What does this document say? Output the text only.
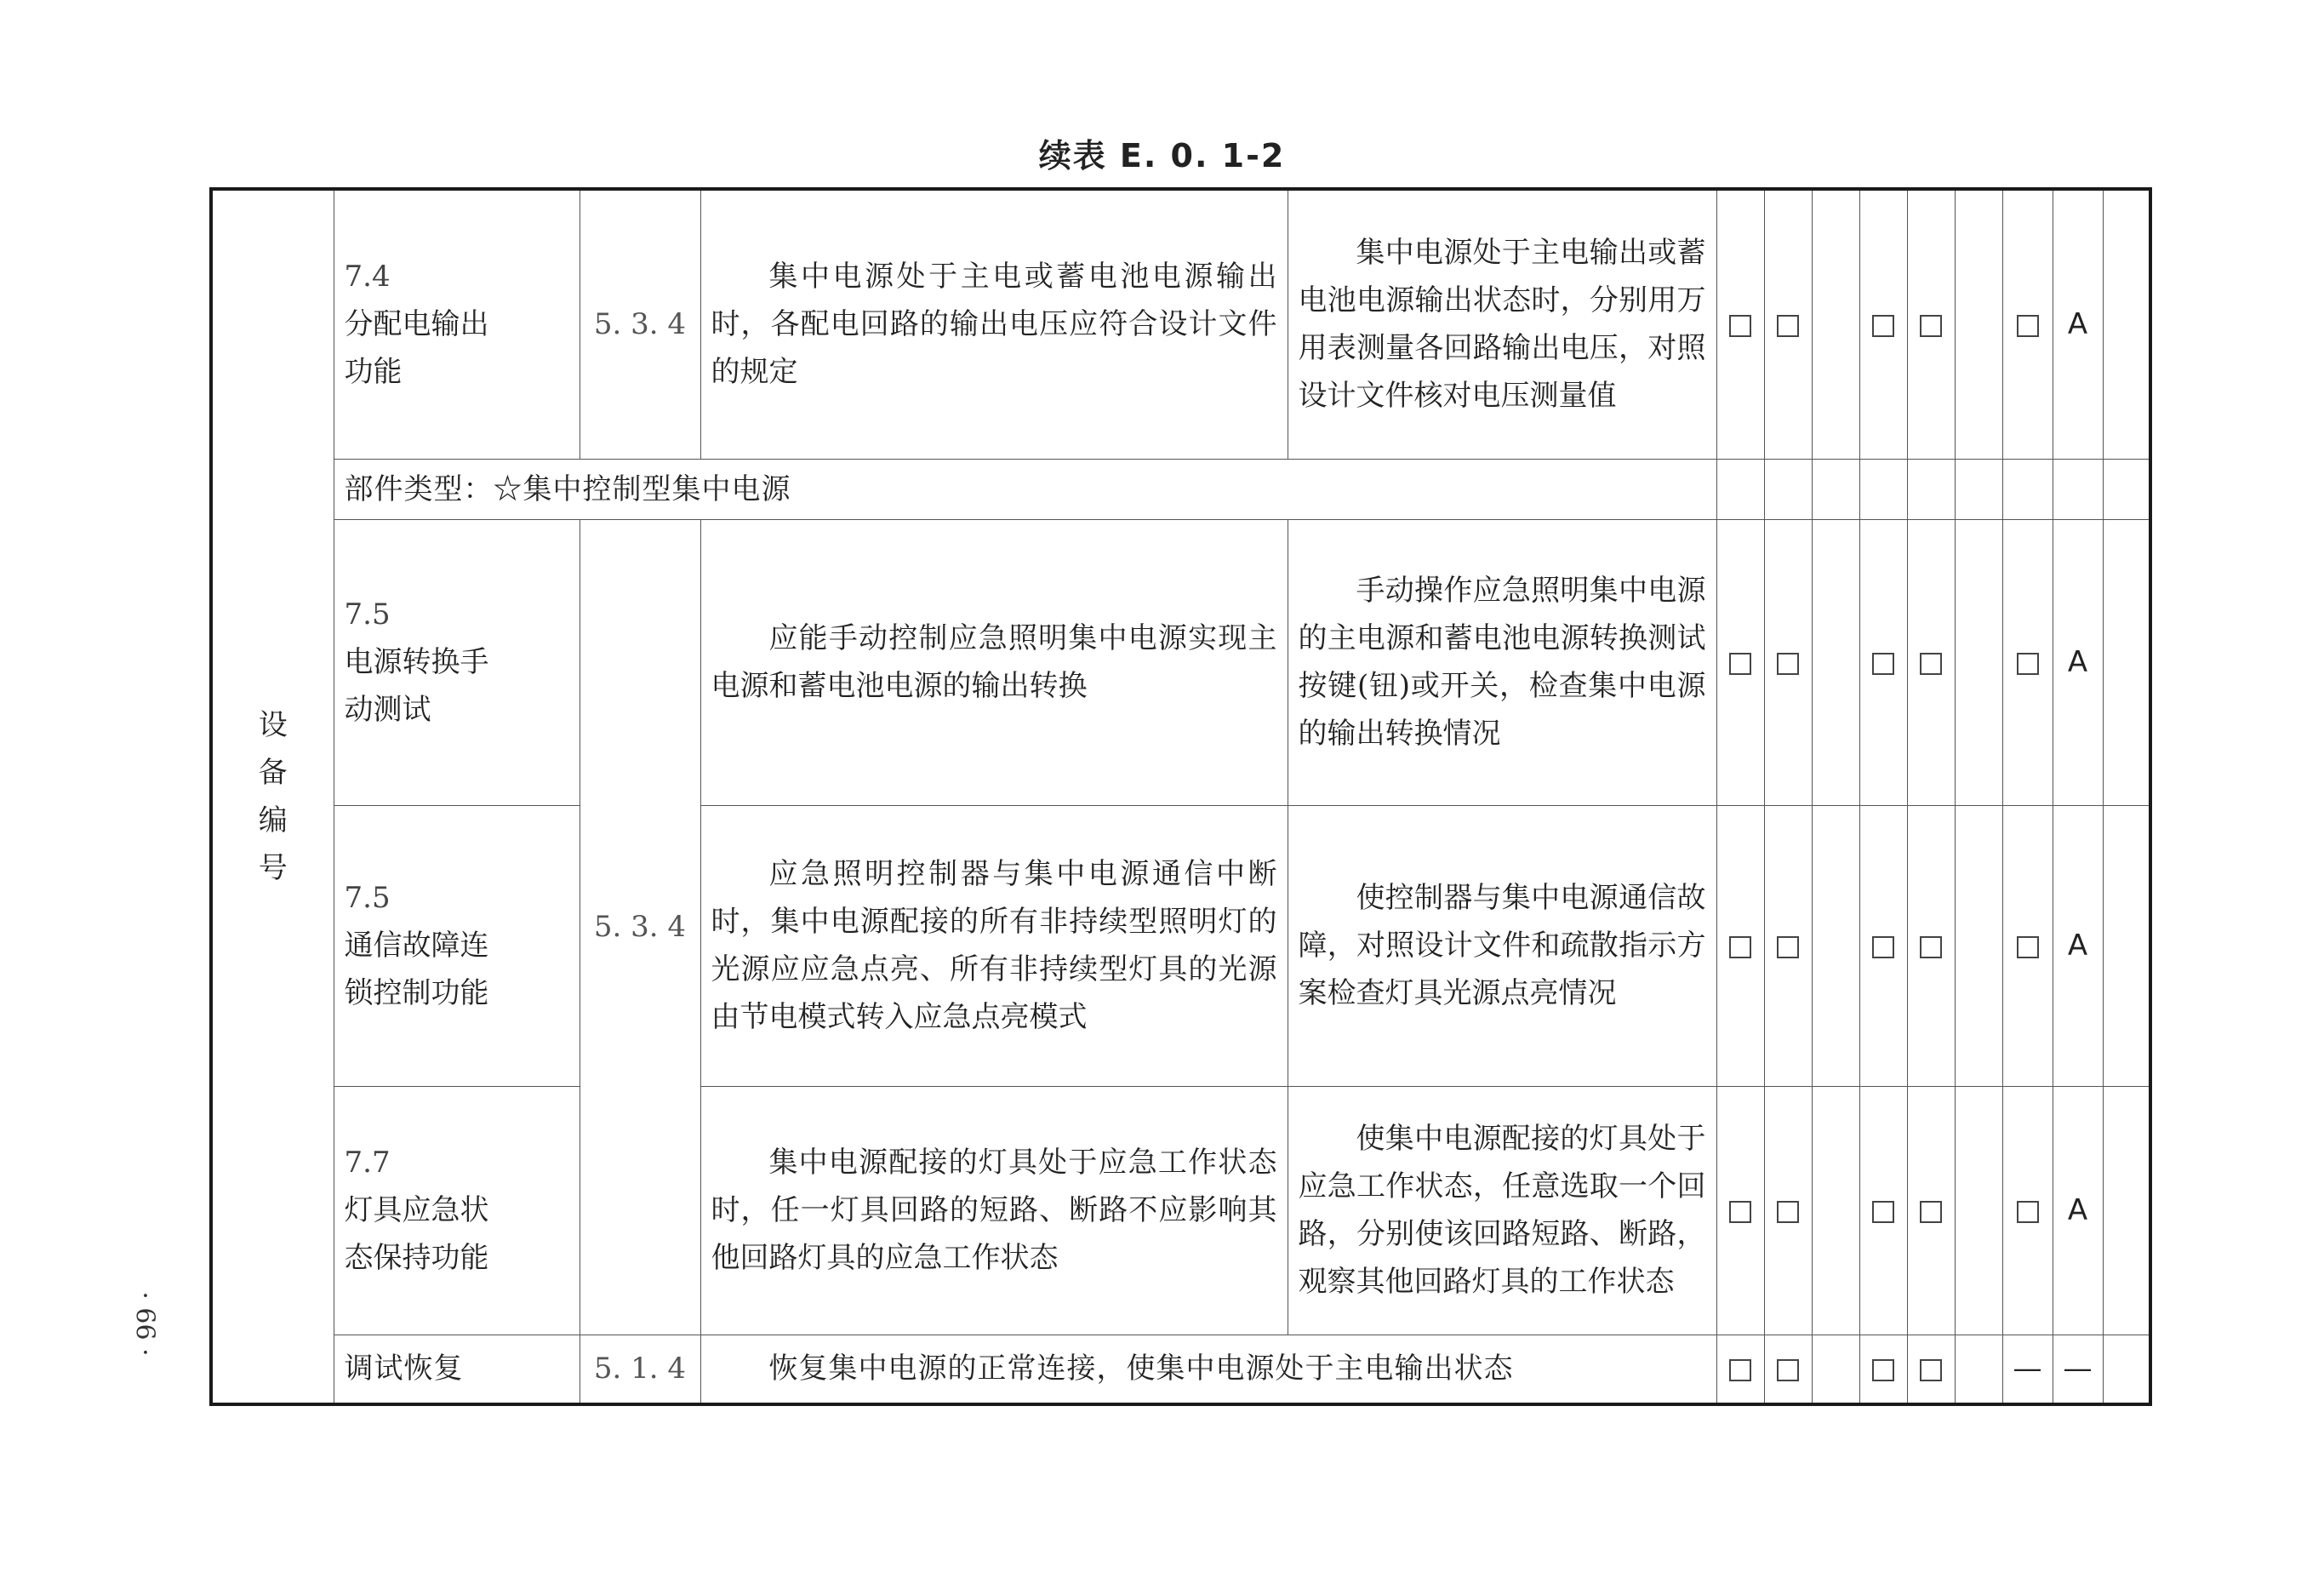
续表 E. 0. 1-2
· 66 ·
设备编号	7.4分配电输出功能	5. 3. 4	集中电源处于主电或蓄电池电源输出时，各配电回路的输出电压应符合设计文件的规定	集中电源处于主电输出或蓄电池电源输出状态时，分别用万用表测量各回路输出电压，对照设计文件核对电压测量值								A	
	部件类型：☆集中控制型集中电源												
	7.5电源转换手动测试	5. 3. 4	应能手动控制应急照明集中电源实现主电源和蓄电池电源的输出转换	手动操作应急照明集中电源的主电源和蓄电池电源转换测试按键(钮)或开关，检查集中电源的输出转换情况								A	
	7.5通信故障连锁控制功能		应急照明控制器与集中电源通信中断时，集中电源配接的所有非持续型照明灯的光源应应急点亮、所有非持续型灯具的光源由节电模式转入应急点亮模式	使控制器与集中电源通信故障，对照设计文件和疏散指示方案检查灯具光源点亮情况								A	
	7.7灯具应急状态保持功能		集中电源配接的灯具处于应急工作状态时，任一灯具回路的短路、断路不应影响其他回路灯具的应急工作状态	使集中电源配接的灯具处于应急工作状态，任意选取一个回路，分别使该回路短路、断路，观察其他回路灯具的工作状态								A	
	调试恢复	5. 1. 4	恢复集中电源的正常连接，使集中电源处于主电输出状态								—	—	
